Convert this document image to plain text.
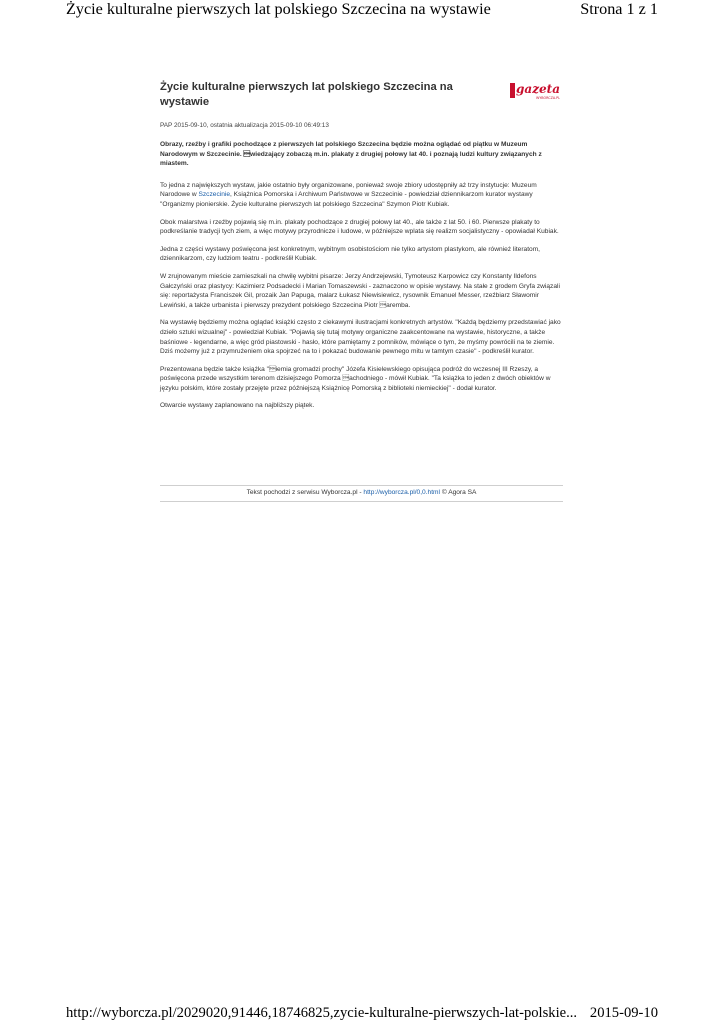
Życie kulturalne pierwszych lat polskiego Szczecina na wystawie	Strona 1 z 1
Życie kulturalne pierwszych lat polskiego Szczecina na wystawie
gazeta
WYBORCZA.PL
PAP 2015-09-10, ostatnia aktualizacja 2015-09-10 06:49:13
Obrazy, rzeźby i grafiki pochodzące z pierwszych lat polskiego Szczecina będzie można oglądać od piątku w Muzeum Narodowym w Szczecinie. wiedzający zobaczą m.in. plakaty z drugiej połowy lat 40. i poznają ludzi kultury związanych z miastem.

To jedna z największych wystaw, jakie ostatnio były organizowane, ponieważ swoje zbiory udostępniły aż trzy instytucje: Muzeum Narodowe w Szczecinie, Książnica Pomorska i Archiwum Państwowe w Szczecinie - powiedział dziennikarzom kurator wystawy "Organizmy pionierskie. Życie kulturalne pierwszych lat polskiego Szczecina" Szymon Piotr Kubiak.

Obok malarstwa i rzeźby pojawią się m.in. plakaty pochodzące z drugiej połowy lat 40., ale także z lat 50. i 60. Pierwsze plakaty to podkreślanie tradycji tych ziem, a więc motywy przyrodnicze i ludowe, w późniejsze wplata się realizm socjalistyczny - opowiadał Kubiak.

Jedna z części wystawy poświęcona jest konkretnym, wybitnym osobistościom nie tylko artystom plastykom, ale również literatom, dziennikarzom, czy ludziom teatru - podkreślił Kubiak.

W zrujnowanym mieście zamieszkali na chwilę wybitni pisarze: Jerzy Andrzejewski, Tymoteusz Karpowicz czy Konstanty Ildefons Gałczyński oraz plastycy: Kazimierz Podsadecki i Marian Tomaszewski - zaznaczono w opisie wystawy. Na stałe z grodem Gryfa związali się: reportażysta Franciszek Gil, prozaik Jan Papuga, malarz Łukasz Niewisiewicz, rysownik Emanuel Messer, rzeźbiarz Sławomir Lewiński, a także urbanista i pierwszy prezydent polskiego Szczecina Piotr aremba.

Na wystawię będziemy można oglądać książki często z ciekawymi ilustracjami konkretnych artystów. "Każdą będziemy przedstawiać jako dzieło sztuki wizualnej" - powiedział Kubiak. "Pojawią się tutaj motywy organiczne zaakcentowane na wystawie, historyczne, a także baśniowe - legendarne, a więc gród piastowski - hasło, które pamiętamy z pomników, mówiące o tym, że myśmy powrócili na te ziemie. Dziś możemy już z przymrużeniem oka spojrzeć na to i pokazać budowanie pewnego mitu w tamtym czasie" - podkreślił kurator.

Prezentowana będzie także książka "iemia gromadzi prochy" Józefa Kisielewskiego opisująca podróż do wczesnej III Rzeszy, a poświęcona przede wszystkim terenom dzisiejszego Pomorza achodniego - mówił Kubiak. "Ta książka to jeden z dwóch obiektów w języku polskim, które zostały przejęte przez późniejszą Książnicę Pomorską z biblioteki niemieckiej" - dodał kurator.

Otwarcie wystawy zaplanowano na najbliższy piątek.

Tekst pochodzi z serwisu Wyborcza.pl - http://wyborcza.pl/0,0.html © Agora SA
http://wyborcza.pl/2029020,91446,18746825,zycie-kulturalne-pierwszych-lat-polskie... 2015-09-10
